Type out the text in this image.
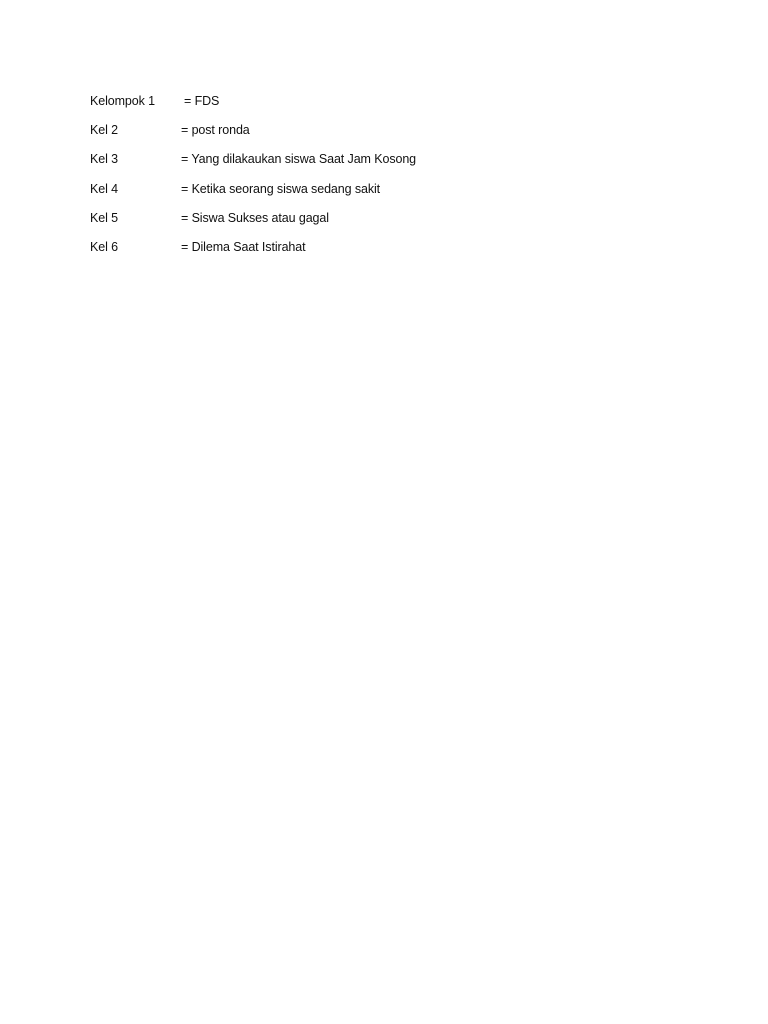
Kelompok 1 = FDS
Kel 2	= post ronda
Kel 3	= Yang dilakaukan siswa Saat Jam Kosong
Kel 4	= Ketika seorang siswa sedang sakit
Kel 5	= Siswa Sukses atau gagal
Kel 6	= Dilema Saat Istirahat
